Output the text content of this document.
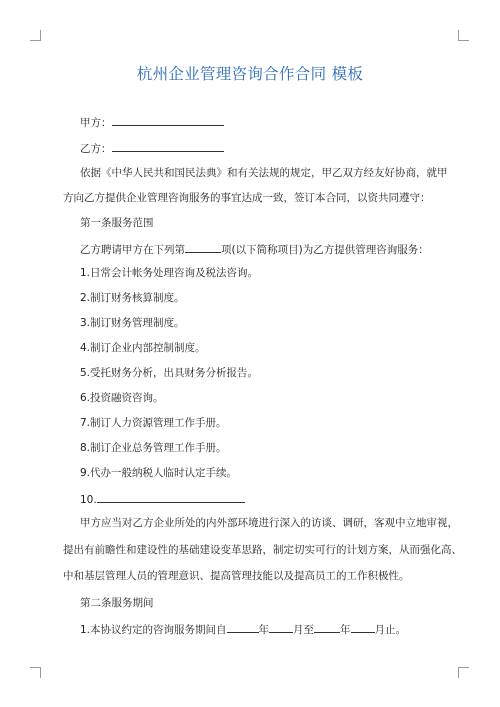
杭州企业管理咨询合作合同 模板
甲方：
乙方：
依据《中华人民共和国民法典》和有关法规的规定，甲乙双方经友好协商，就甲
方向乙方提供企业管理咨询服务的事宜达成一致，签订本合同，以资共同遵守：
第一条服务范围
乙方聘请甲方在下列第	项(以下简称项目)为乙方提供管理咨询服务：
1.日常会计帐务处理咨询及税法咨询。
2.制订财务核算制度。
3.制订财务管理制度。
4.制订企业内部控制制度。
5.受托财务分析，出具财务分析报告。
6.投资融资咨询。
7.制订人力资源管理工作手册。
8.制订企业总务管理工作手册。
9.代办一般纳税人临时认定手续。
10.
甲方应当对乙方企业所处的内外部环境进行深入的访谈、调研，客观中立地审视，
提出有前瞻性和建设性的基础建设变革思路，制定切实可行的计划方案，从而强化高、
中和基层管理人员的管理意识、提高管理技能以及提高员工的工作积极性。
第二条服务期间
1.本协议约定的咨询服务期间自	年 月至 年 月止。
